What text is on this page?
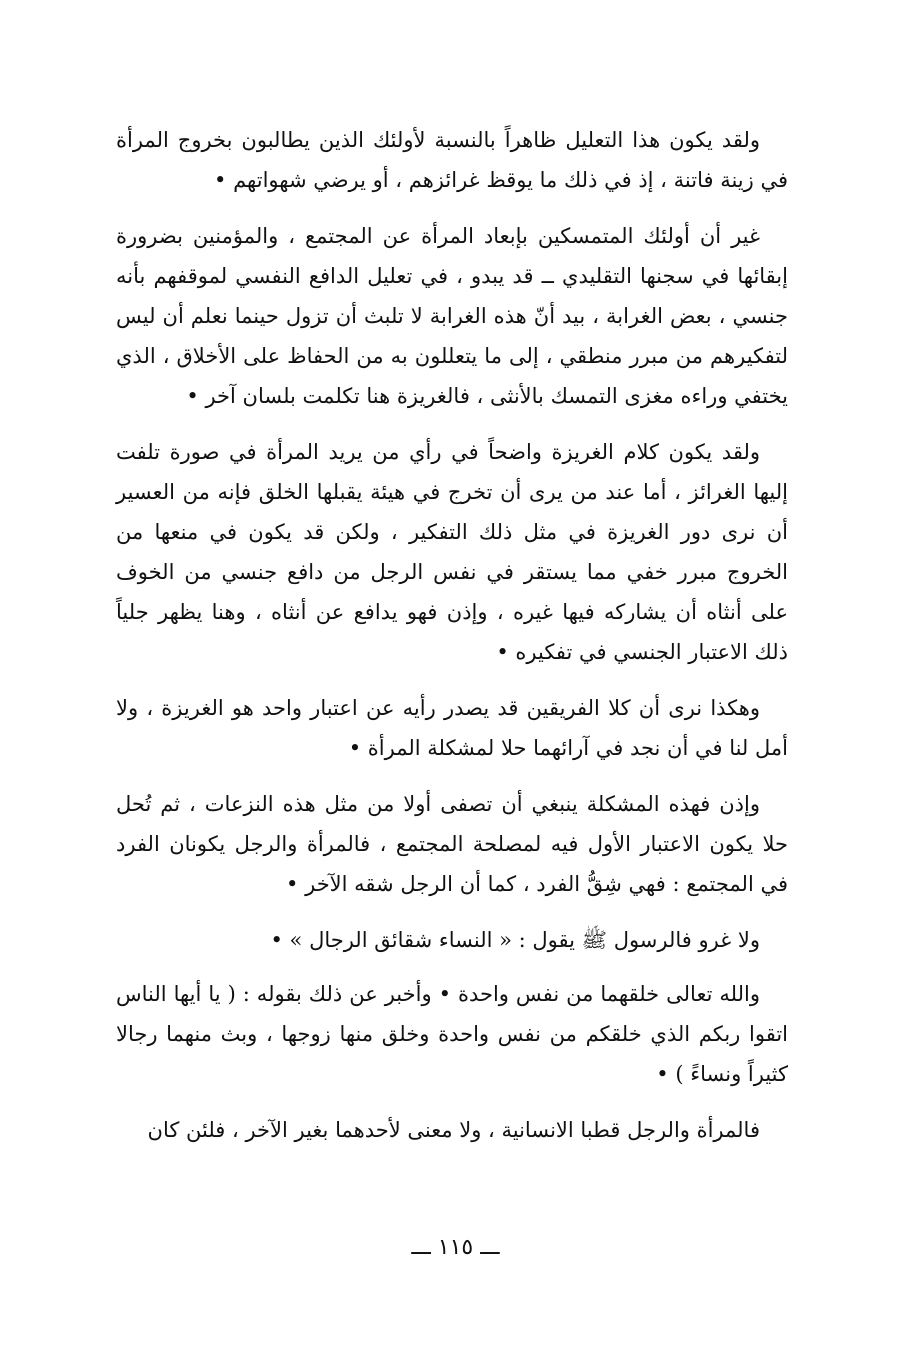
ولقد يكون هذا التعليل ظاهراً بالنسبة لأولئك الذين يطالبون بخروج المرأة في زينة فاتنة ، إذ في ذلك ما يوقظ غرائزهم ، أو يرضي شهواتهم •

غير أن أولئك المتمسكين بإبعاد المرأة عن المجتمع ، والمؤمنين بضرورة إبقائها في سجنها التقليدي ــ قد يبدو ، في تعليل الدافع النفسي لموقفهم بأنه جنسي ، بعض الغرابة ، بيد أنّ هذه الغرابة لا تلبث أن تزول حينما نعلم أن ليس لتفكيرهم من مبرر منطقي ، إلى ما يتعللون به من الحفاظ على الأخلاق ، الذي يختفي وراءه مغزى التمسك بالأنثى ، فالغريزة هنا تكلمت بلسان آخر •

ولقد يكون كلام الغريزة واضحاً في رأي من يريد المرأة في صورة تلفت إليها الغرائز ، أما عند من يرى أن تخرج في هيئة يقبلها الخلق فإنه من العسير أن نرى دور الغريزة في مثل ذلك التفكير ، ولكن قد يكون في منعها من الخروج مبرر خفي مما يستقر في نفس الرجل من دافع جنسي من الخوف على أنثاه أن يشاركه فيها غيره ، وإذن فهو يدافع عن أنثاه ، وهنا يظهر جلياً ذلك الاعتبار الجنسي في تفكيره •

وهكذا نرى أن كلا الفريقين قد يصدر رأيه عن اعتبار واحد هو الغريزة ، ولا أمل لنا في أن نجد في آرائهما حلا لمشكلة المرأة •

وإذن فهذه المشكلة ينبغي أن تصفى أولا من مثل هذه النزعات ، ثم تُحل حلا يكون الاعتبار الأول فيه لمصلحة المجتمع ، فالمرأة والرجل يكونان الفرد في المجتمع : فهي شِقُّ الفرد ، كما أن الرجل شقه الآخر •

ولا غرو فالرسول ﷺ يقول : « النساء شقائق الرجال » •

والله تعالى خلقهما من نفس واحدة • وأخبر عن ذلك بقوله : ( يا أيها الناس اتقوا ربكم الذي خلقكم من نفس واحدة وخلق منها زوجها ، وبث منهما رجالا كثيراً ونساءً ) •

فالمرأة والرجل قطبا الانسانية ، ولا معنى لأحدهما بغير الآخر ، فلئن كان

ـــ ١١٥ ـــ
